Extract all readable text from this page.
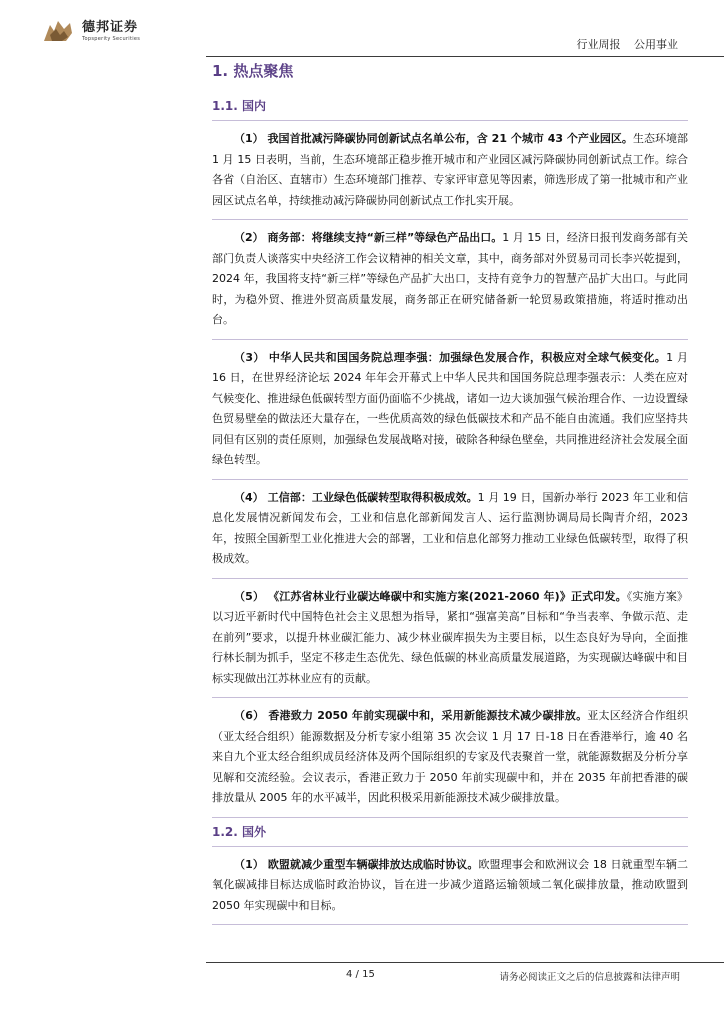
德邦证券
Topsperity Securities	行业周报 公用事业
1. 热点聚焦
1.1. 国内

（1） 我国首批减污降碳协同创新试点名单公布，含 21 个城市 43 个产业园区。生态环境部 1 月 15 日表明，当前，生态环境部正稳步推开城市和产业园区减污降碳协同创新试点工作。综合各省（自治区、直辖市）生态环境部门推荐、专家评审意见等因素，筛选形成了第一批城市和产业园区试点名单，持续推动减污降碳协同创新试点工作扎实开展。

（2） 商务部：将继续支持“新三样”等绿色产品出口。1 月 15 日，经济日报刊发商务部有关部门负责人谈落实中央经济工作会议精神的相关文章，其中，商务部对外贸易司司长李兴乾提到，2024 年，我国将支持“新三样”等绿色产品扩大出口，支持有竞争力的智慧产品扩大出口。与此同时，为稳外贸、推进外贸高质量发展，商务部正在研究储备新一轮贸易政策措施，将适时推动出台。

（3） 中华人民共和国国务院总理李强：加强绿色发展合作，积极应对全球气候变化。1 月 16 日，在世界经济论坛 2024 年年会开幕式上中华人民共和国国务院总理李强表示：人类在应对气候变化、推进绿色低碳转型方面仍面临不少挑战，诸如一边大谈加强气候治理合作、一边设置绿色贸易壁垒的做法还大量存在，一些优质高效的绿色低碳技术和产品不能自由流通。我们应坚持共同但有区别的责任原则，加强绿色发展战略对接，破除各种绿色壁垒，共同推进经济社会发展全面绿色转型。

（4） 工信部：工业绿色低碳转型取得积极成效。1 月 19 日，国新办举行 2023 年工业和信息化发展情况新闻发布会，工业和信息化部新闻发言人、运行监测协调局局长陶青介绍，2023 年，按照全国新型工业化推进大会的部署，工业和信息化部努力推动工业绿色低碳转型，取得了积极成效。

（5） 《江苏省林业行业碳达峰碳中和实施方案(2021-2060 年)》正式印发。《实施方案》以习近平新时代中国特色社会主义思想为指导，紧扣“强富美高”目标和“争当表率、争做示范、走在前列”要求，以提升林业碳汇能力、减少林业碳库损失为主要目标，以生态良好为导向，全面推行林长制为抓手，坚定不移走生态优先、绿色低碳的林业高质量发展道路，为实现碳达峰碳中和目标实现做出江苏林业应有的贡献。

（6） 香港致力 2050 年前实现碳中和，采用新能源技术减少碳排放。亚太区经济合作组织（亚太经合组织）能源数据及分析专家小组第 35 次会议 1 月 17 日-18 日在香港举行，逾 40 名来自九个亚太经合组织成员经济体及两个国际组织的专家及代表聚首一堂，就能源数据及分析分享见解和交流经验。会议表示，香港正致力于 2050 年前实现碳中和，并在 2035 年前把香港的碳排放量从 2005 年的水平减半，因此积极采用新能源技术减少碳排放量。

1.2. 国外

（1） 欧盟就减少重型车辆碳排放达成临时协议。欧盟理事会和欧洲议会 18 日就重型车辆二氧化碳减排目标达成临时政治协议，旨在进一步减少道路运输领域二氧化碳排放量，推动欧盟到 2050 年实现碳中和目标。

4 / 15	请务必阅读正文之后的信息披露和法律声明
